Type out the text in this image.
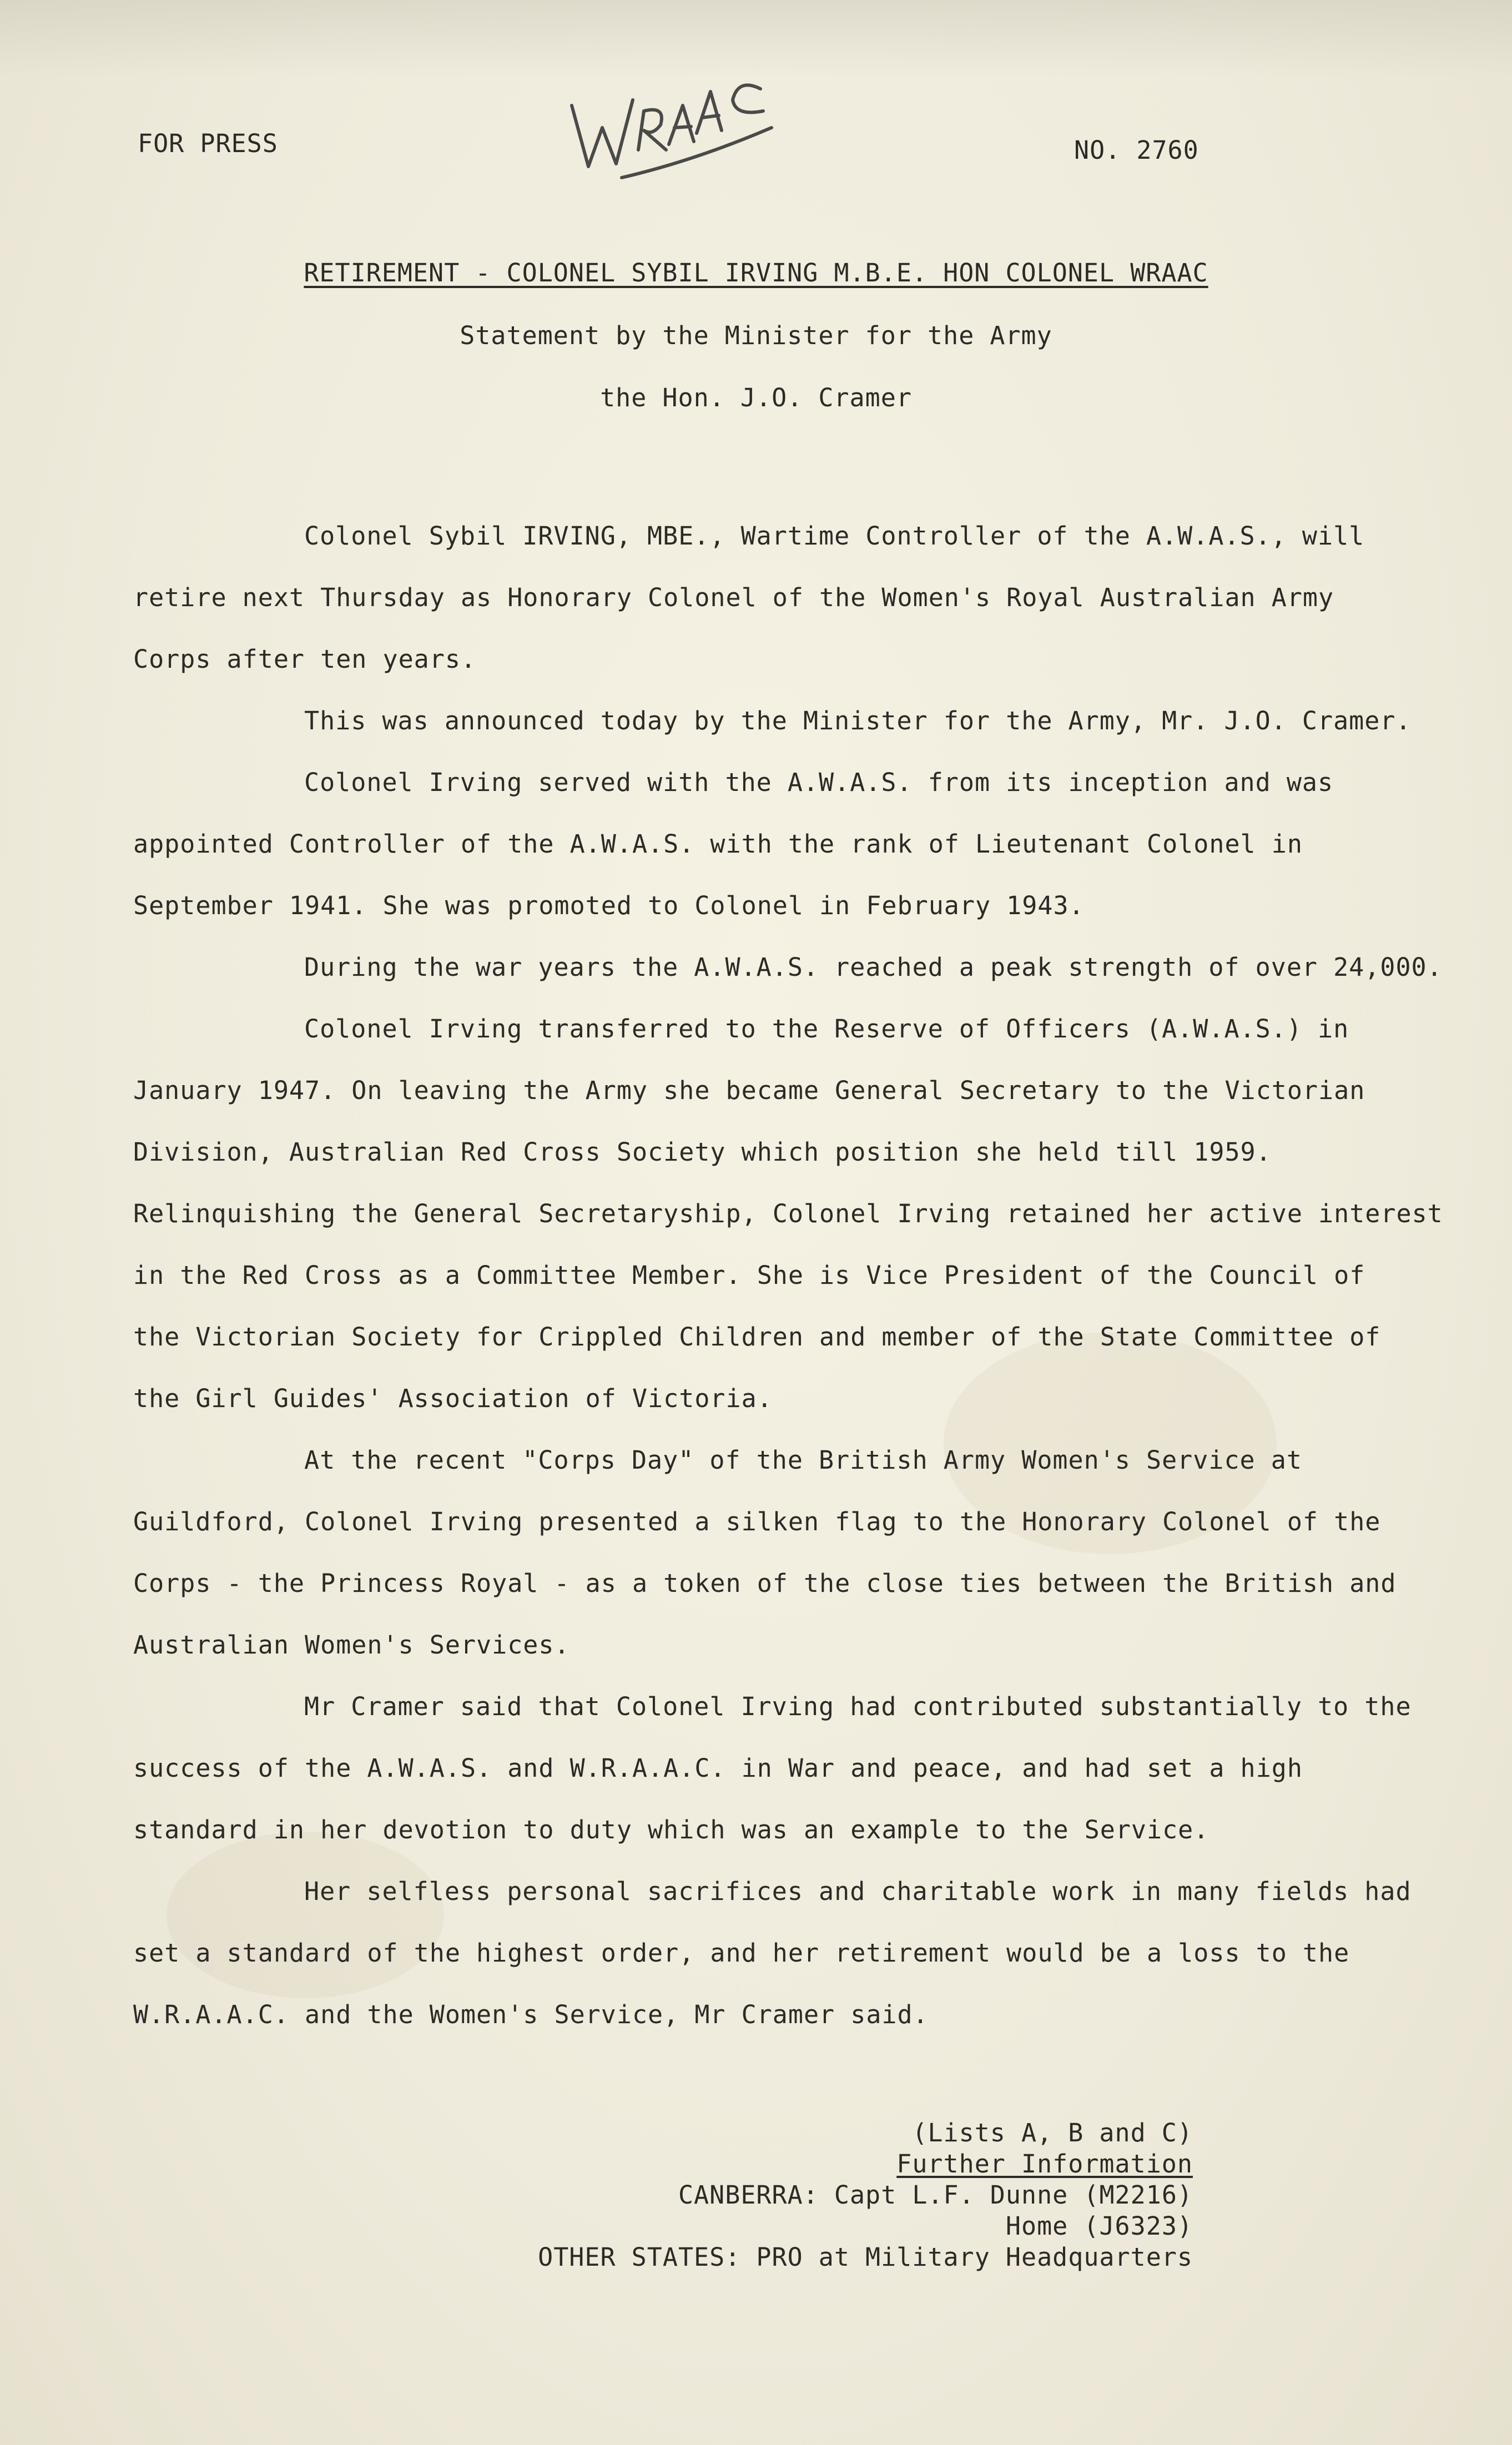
FOR PRESS	NO. 2760
RETIREMENT - COLONEL SYBIL IRVING M.B.E. HON COLONEL WRAAC
Statement by the Minister for the Army
the Hon. J.O. Cramer
Colonel Sybil IRVING, MBE., Wartime Controller of the A.W.A.S., will
retire next Thursday as Honorary Colonel of the Women's Royal Australian Army
Corps after ten years.
This was announced today by the Minister for the Army, Mr. J.O. Cramer.
Colonel Irving served with the A.W.A.S. from its inception and was
appointed Controller of the A.W.A.S. with the rank of Lieutenant Colonel in
September 1941. She was promoted to Colonel in February 1943.
During the war years the A.W.A.S. reached a peak strength of over 24,000.
Colonel Irving transferred to the Reserve of Officers (A.W.A.S.) in
January 1947. On leaving the Army she became General Secretary to the Victorian
Division, Australian Red Cross Society which position she held till 1959.
Relinquishing the General Secretaryship, Colonel Irving retained her active interest
in the Red Cross as a Committee Member. She is Vice President of the Council of
the Victorian Society for Crippled Children and member of the State Committee of
the Girl Guides' Association of Victoria.
At the recent "Corps Day" of the British Army Women's Service at
Guildford, Colonel Irving presented a silken flag to the Honorary Colonel of the
Corps - the Princess Royal - as a token of the close ties between the British and
Australian Women's Services.
Mr Cramer said that Colonel Irving had contributed substantially to the
success of the A.W.A.S. and W.R.A.A.C. in War and peace, and had set a high
standard in her devotion to duty which was an example to the Service.
Her selfless personal sacrifices and charitable work in many fields had
set a standard of the highest order, and her retirement would be a loss to the
W.R.A.A.C. and the Women's Service, Mr Cramer said.
(Lists A, B and C)
Further Information
CANBERRA: Capt L.F. Dunne (M2216)
Home (J6323)
OTHER STATES: PRO at Military Headquarters
